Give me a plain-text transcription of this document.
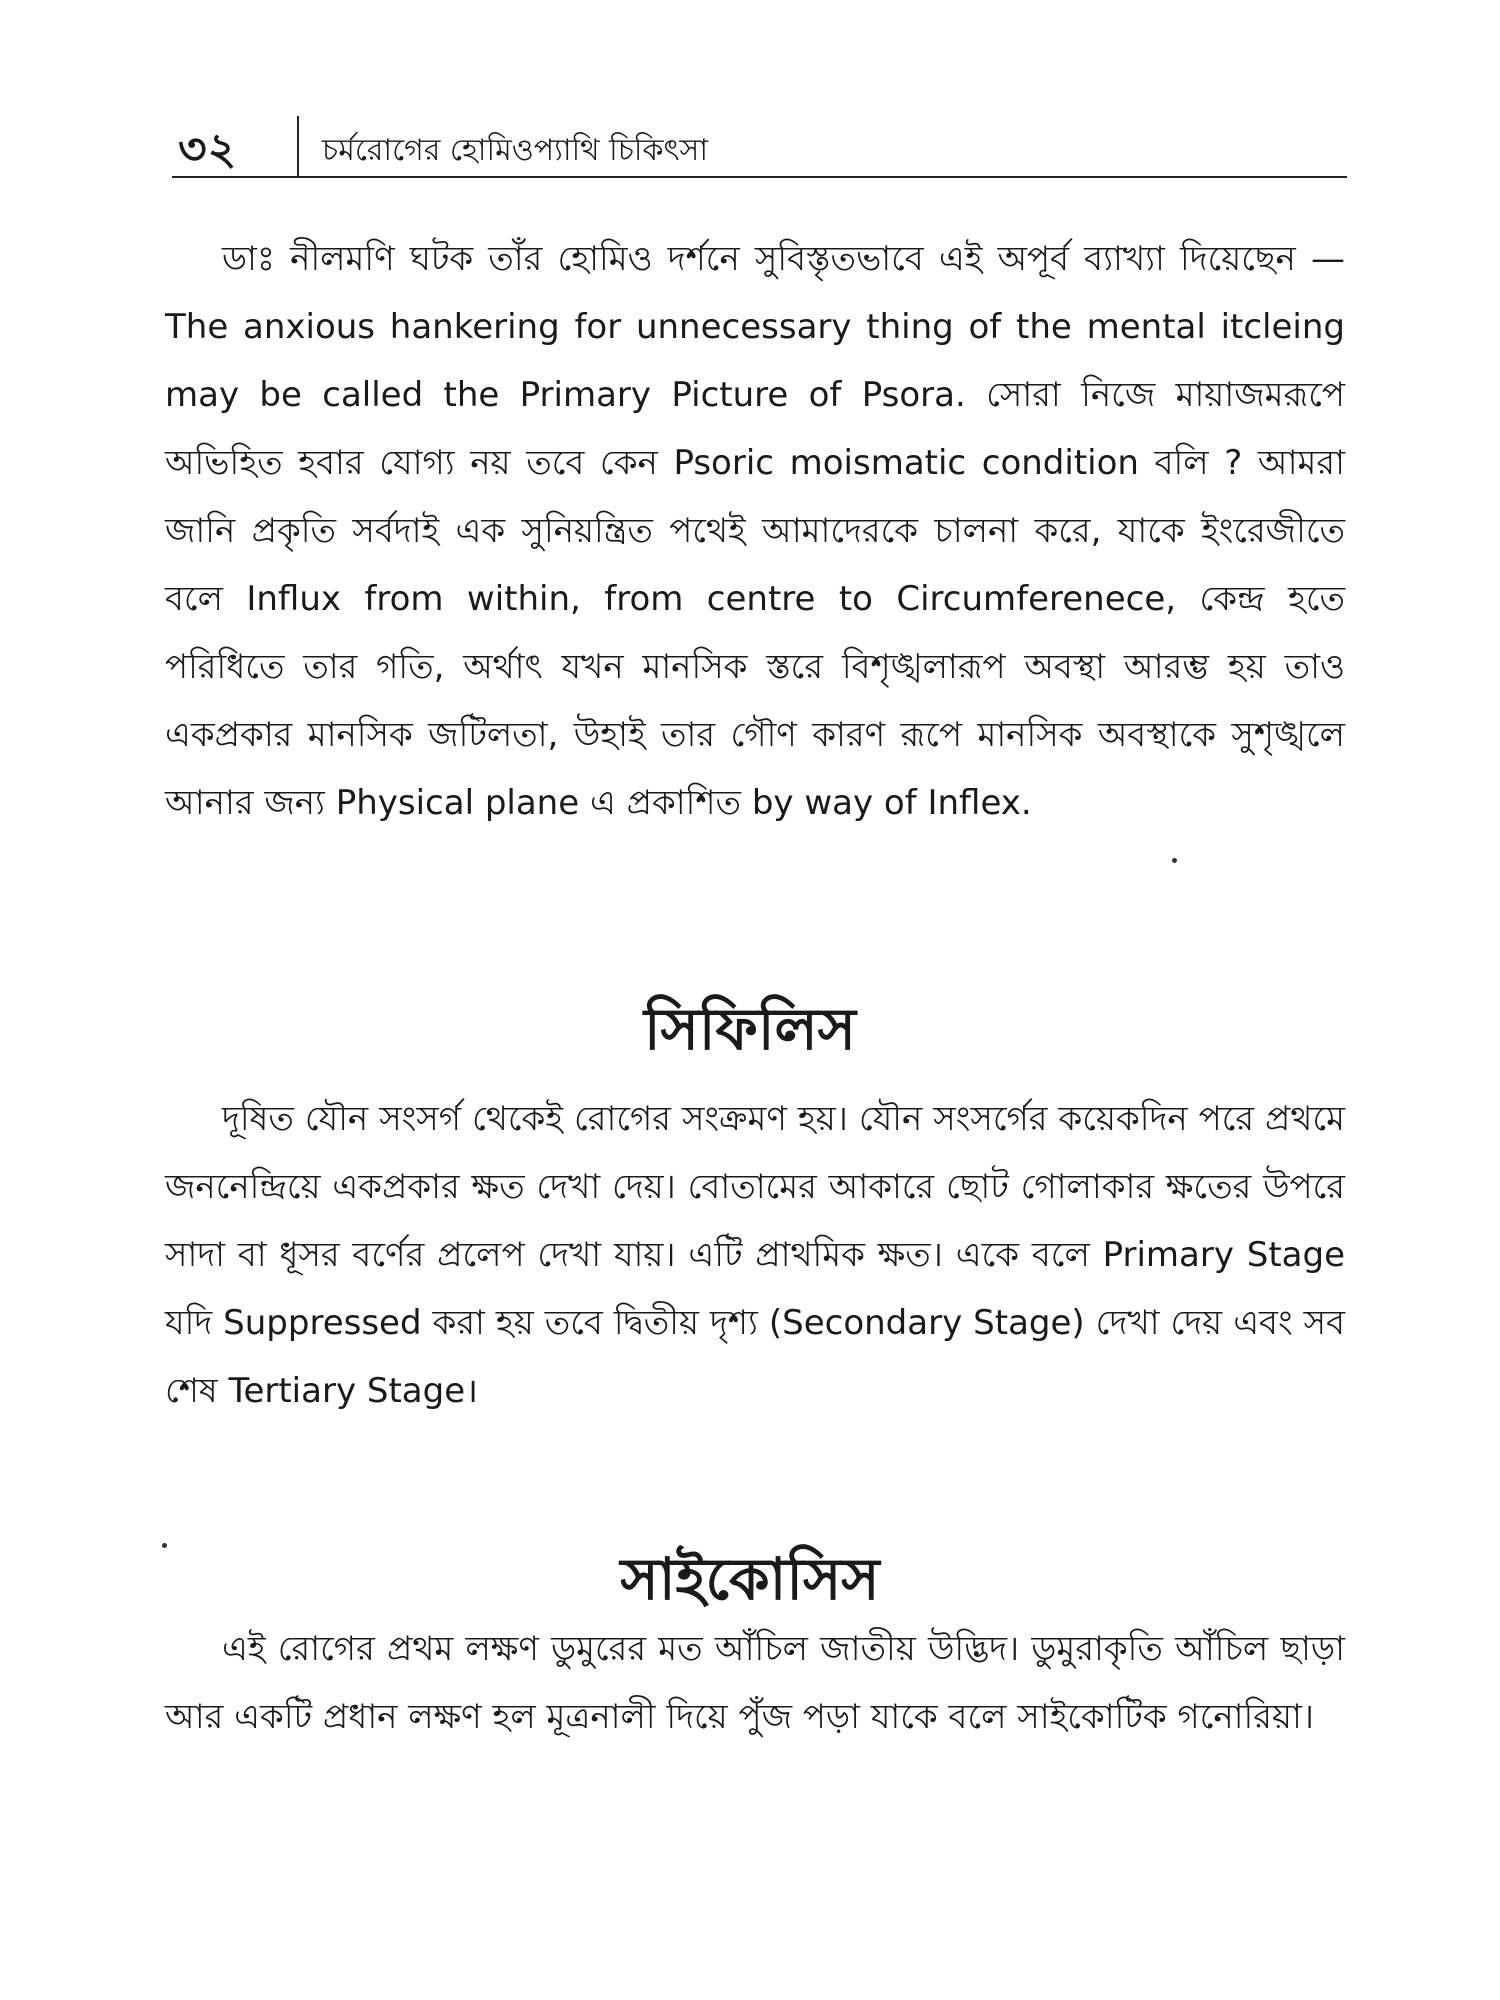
৩২	চর্মরোগের হোমিওপ্যাথি চিকিৎসা

ডাঃ নীলমণি ঘটক তাঁর হোমিও দর্শনে সুবিস্তৃতভাবে এই অপূর্ব ব্যাখ্যা দিয়েছেন — The anxious hankering for unnecessary thing of the mental itcleing may be called the Primary Picture of Psora. সোরা নিজে মায়াজমরূপে অভিহিত হবার যোগ্য নয় তবে কেন Psoric moismatic condition বলি ? আমরা জানি প্রকৃতি সর্বদাই এক সুনিয়ন্ত্রিত পথেই আমাদেরকে চালনা করে, যাকে ইংরেজীতে বলে Influx from within, from centre to Circumferenece, কেন্দ্র হতে পরিধিতে তার গতি, অর্থাৎ যখন মানসিক স্তরে বিশৃঙ্খলারূপ অবস্থা আরম্ভ হয় তাও একপ্রকার মানসিক জটিলতা, উহাই তার গৌণ কারণ রূপে মানসিক অবস্থাকে সুশৃঙ্খলে আনার জন্য Physical plane এ প্রকাশিত by way of Inflex.

সিফিলিস

দূষিত যৌন সংসর্গ থেকেই রোগের সংক্রমণ হয়। যৌন সংসর্গের কয়েকদিন পরে প্রথমে জননেন্দ্রিয়ে একপ্রকার ক্ষত দেখা দেয়। বোতামের আকারে ছোট গোলাকার ক্ষতের উপরে সাদা বা ধূসর বর্ণের প্রলেপ দেখা যায়। এটি প্রাথমিক ক্ষত। একে বলে Primary Stage যদি Suppressed করা হয় তবে দ্বিতীয় দৃশ্য (Secondary Stage) দেখা দেয় এবং সব শেষ Tertiary Stage।

সাইকোসিস

এই রোগের প্রথম লক্ষণ ডুমুরের মত আঁচিল জাতীয় উদ্ভিদ। ডুমুরাকৃতি আঁচিল ছাড়া আর একটি প্রধান লক্ষণ হল মূত্রনালী দিয়ে পুঁজ পড়া যাকে বলে সাইকোটিক গনোরিয়া।
